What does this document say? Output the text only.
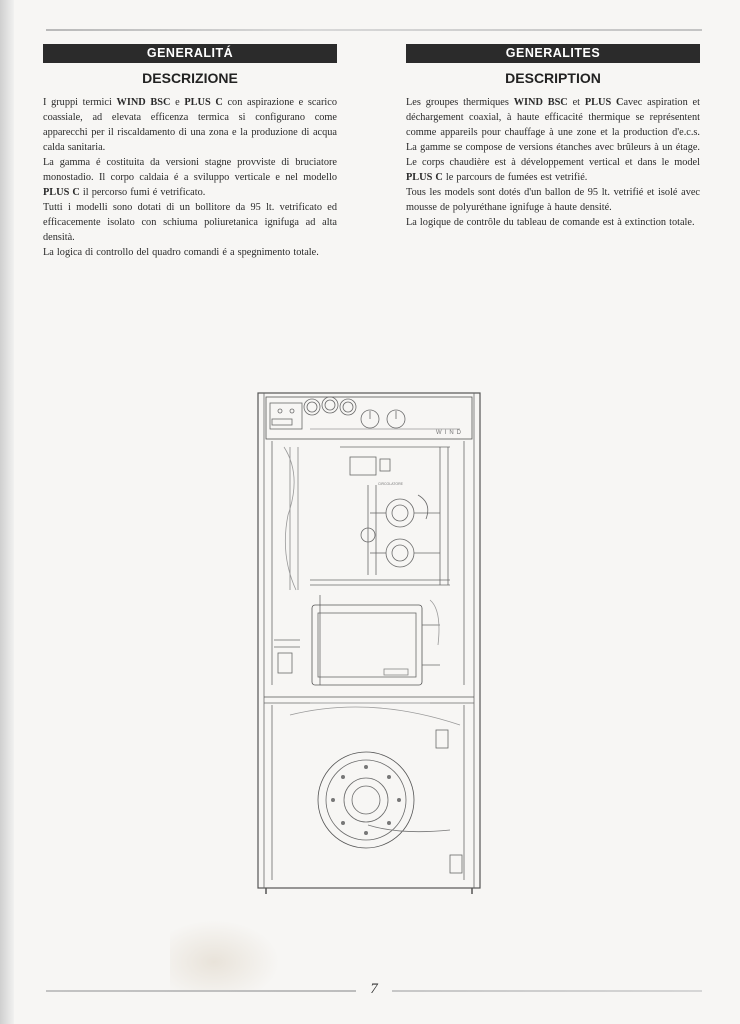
GENERALITÁ
DESCRIZIONE

I gruppi termici WIND BSC e PLUS C con aspirazione e scarico coassiale, ad elevata efficenza termica si configurano come apparecchi per il riscaldamento di una zona e la produzione di acqua calda sanitaria.

La gamma é costituita da versioni stagne provviste di bruciatore monostadio. Il corpo caldaia é a sviluppo verticale e nel modello PLUS C il percorso fumi é vetrificato.

Tutti i modelli sono dotati di un bollitore da 95 lt. vetrificato ed efficacemente isolato con schiuma poliuretanica ignifuga ad alta densità.

La logica di controllo del quadro comandi é a spegnimento totale.

GENERALITES
DESCRIPTION

Les groupes thermiques WIND BSC et PLUS Cavec aspiration et déchargement coaxial, à haute efficacité thermique se représentent comme appareils pour chauffage à une zone et la production d'e.c.s. La gamme se compose de versions étanches avec brûleurs à un étage. Le corps chaudière est à développement vertical et dans le model PLUS C le parcours de fumées est vetrifié.

Tous les models sont dotés d'un ballon de 95 lt. vetrifié et isolé avec mousse de polyuréthane ignifuge à haute densité.

La logique de contrôle du tableau de comande est à extinction totale.

WIND
CIRCOLATORE
7
